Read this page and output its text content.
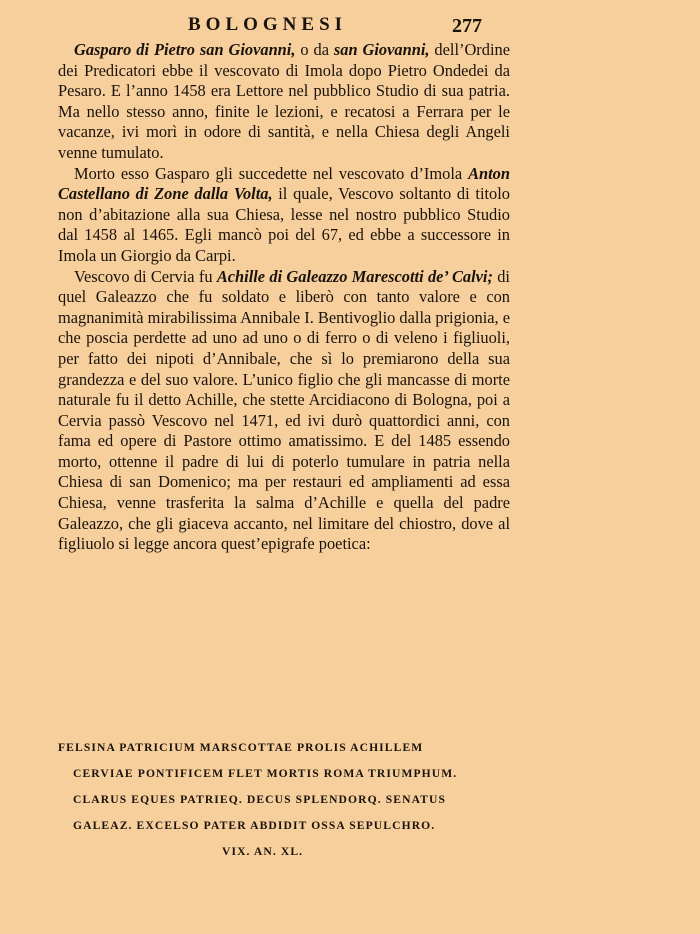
BOLOGNESI	277

Gasparo di Pietro san Giovanni, o da san Giovanni, dell’Ordine dei Predicatori ebbe il vescovato di Imola dopo Pietro Ondedei da Pesaro. E l’anno 1458 era Lettore nel pubblico Studio di sua patria. Ma nello stesso anno, finite le lezioni, e recatosi a Ferrara per le vacanze, ivi morì in odore di santità, e nella Chiesa degli Angeli venne tumulato.

Morto esso Gasparo gli succedette nel vescovato d’Imola Anton Castellano di Zone dalla Volta, il quale, Vescovo soltanto di titolo non d’abitazione alla sua Chiesa, lesse nel nostro pubblico Studio dal 1458 al 1465. Egli mancò poi del 67, ed ebbe a successore in Imola un Giorgio da Carpi.

Vescovo di Cervia fu Achille di Galeazzo Marescotti de’ Calvi; di quel Galeazzo che fu soldato e liberò con tanto valore e con magnanimità mirabilissima Annibale I. Bentivoglio dalla prigionia, e che poscia perdette ad uno ad uno o di ferro o di veleno i figliuoli, per fatto dei nipoti d’Annibale, che sì lo premiarono della sua grandezza e del suo valore. L’unico figlio che gli mancasse di morte naturale fu il detto Achille, che stette Arcidiacono di Bologna, poi a Cervia passò Vescovo nel 1471, ed ivi durò quattordici anni, con fama ed opere di Pastore ottimo amatissimo. E del 1485 essendo morto, ottenne il padre di lui di poterlo tumulare in patria nella Chiesa di san Domenico; ma per restauri ed ampliamenti ad essa Chiesa, venne trasferita la salma d’Achille e quella del padre Galeazzo, che gli giaceva accanto, nel limitare del chiostro, dove al figliuolo si legge ancora quest’epigrafe poetica:

FELSINA PATRICIUM MARSCOTTAE PROLIS ACHILLEM
CERVIAE PONTIFICEM FLET MORTIS ROMA TRIUMPHUM.
CLARUS EQUES PATRIEQ. DECUS SPLENDORQ. SENATUS
GALEAZ. EXCELSO PATER ABDIDIT OSSA SEPULCHRO.
VIX. AN. XL.
